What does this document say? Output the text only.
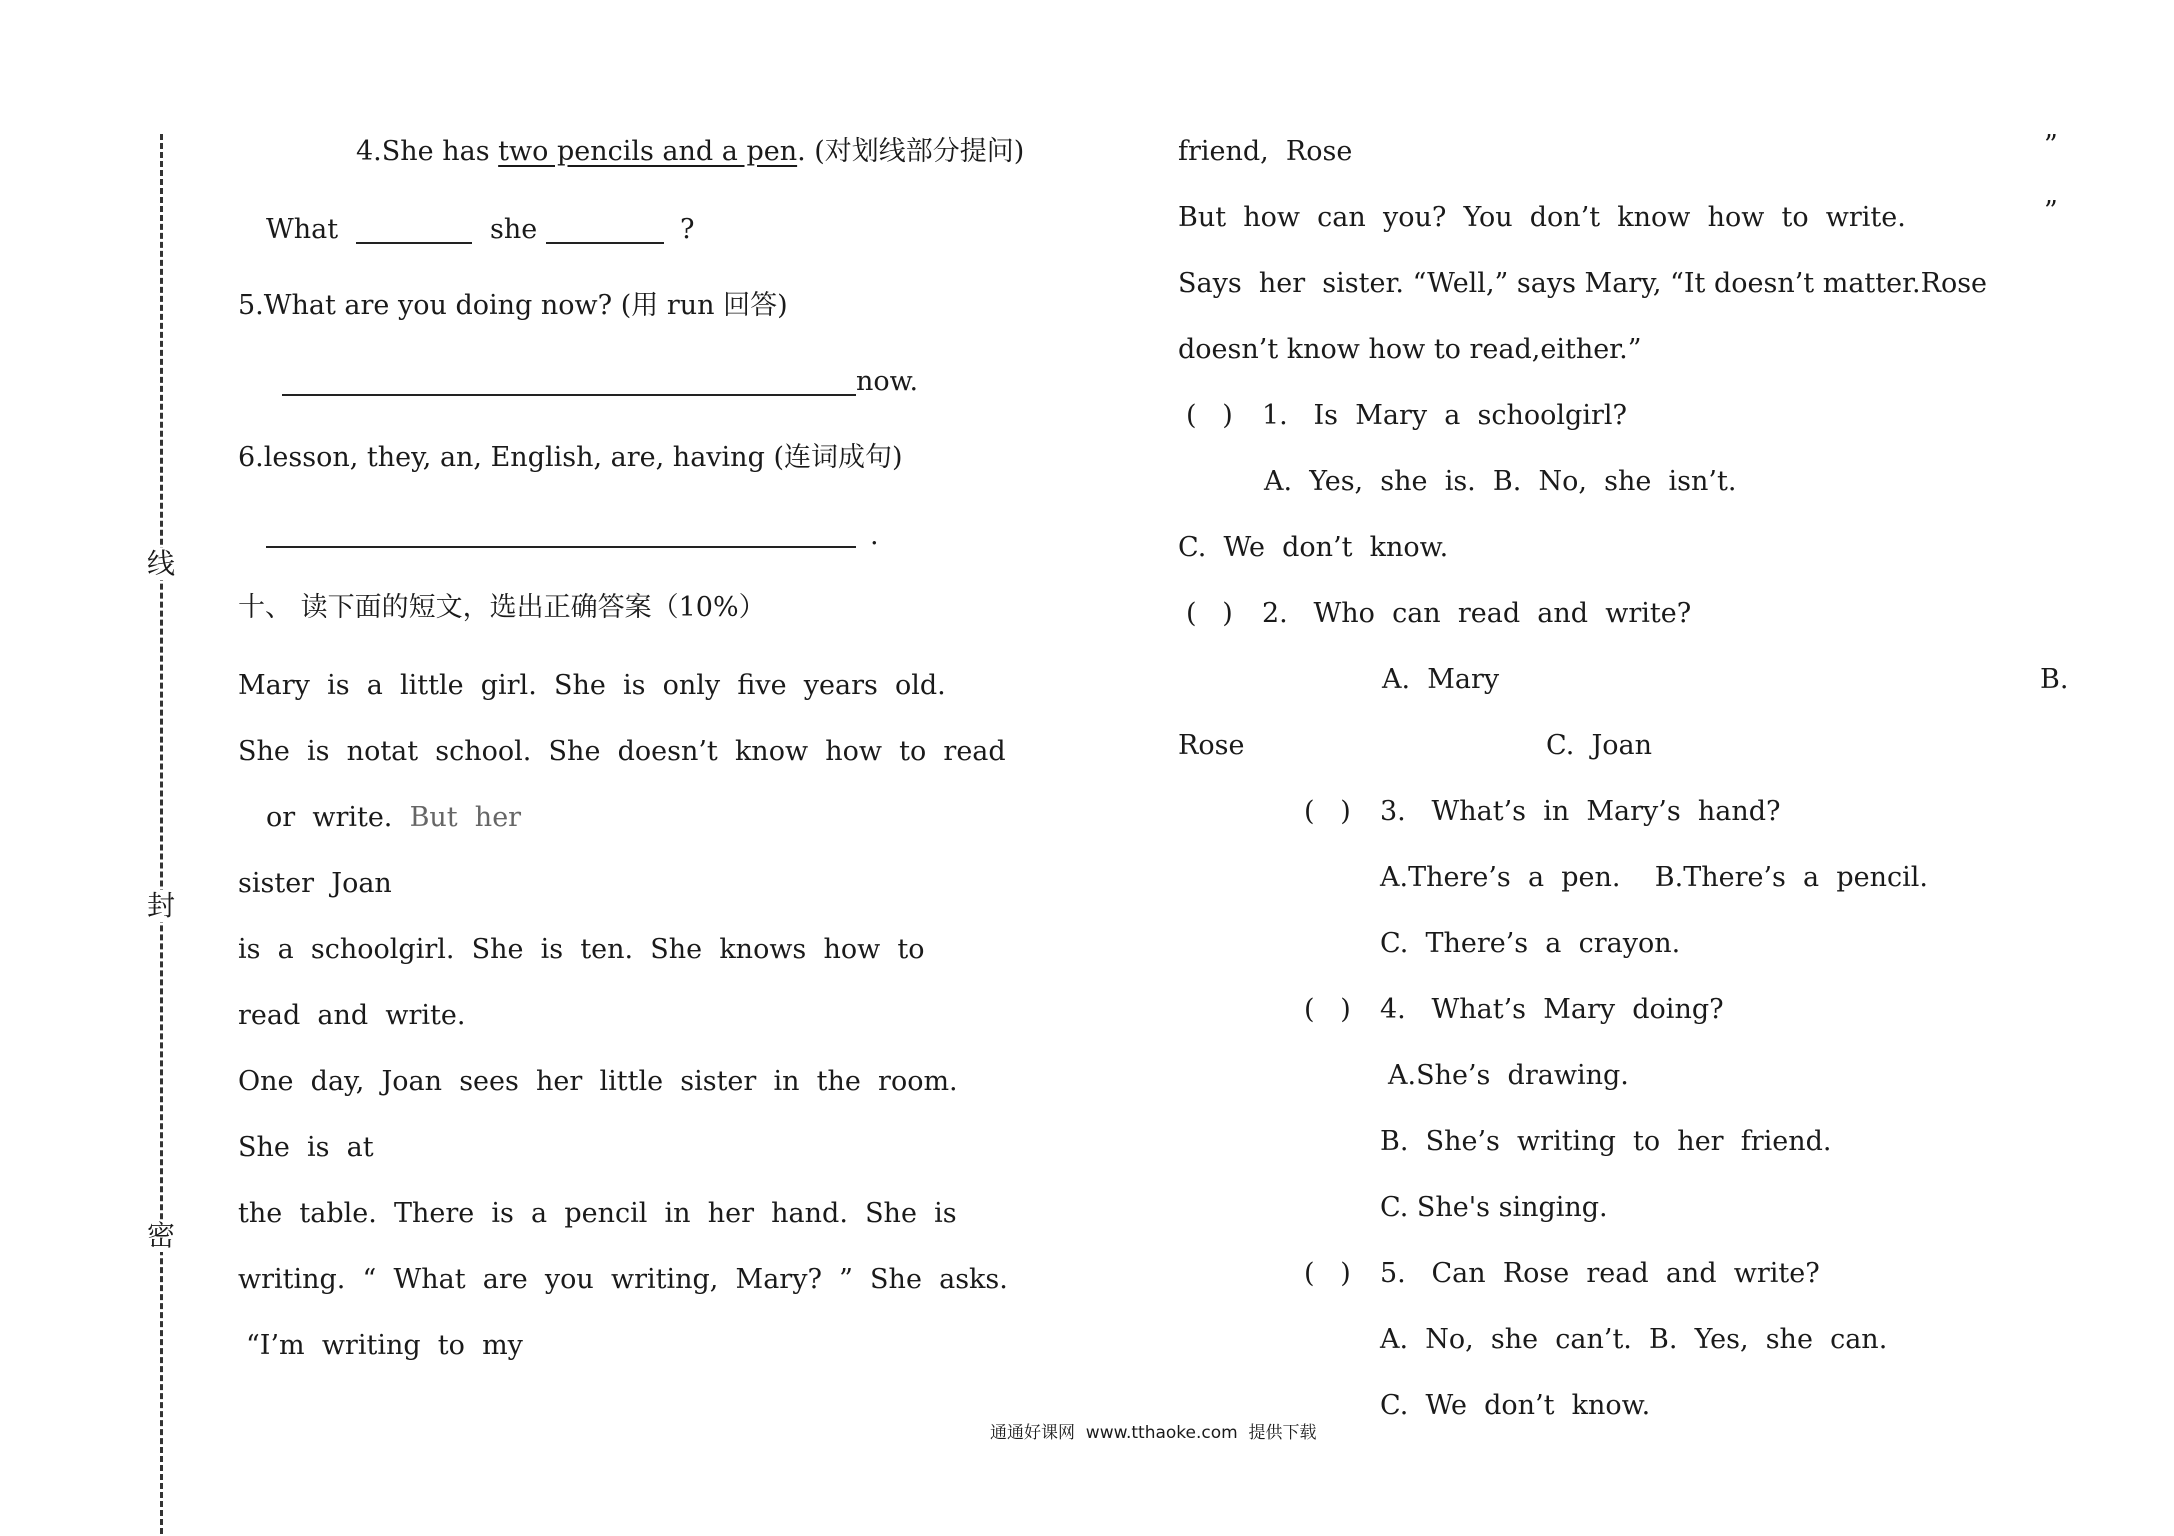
线
封
密
4.She has two pencils and a pen. (对划线部分提问)
What	she	?
5.What are you doing now? (用 run 回答)
now.
6.lesson, they, an, English, are, having (连词成句)
.
十、 读下面的短文，选出正确答案（10%）
Mary  is  a  little  girl.  She  is  only  five  years  old.
She  is  notat  school.  She  doesn’t  know  how  to  read
or  write.  But  her
sister  Joan
is  a  schoolgirl.  She  is  ten.  She  knows  how  to
read  and  write.
One  day,  Joan  sees  her  little  sister  in  the  room.
She  is  at
the  table.  There  is  a  pencil  in  her  hand.  She  is
writing.  “  What  are  you  writing,  Mary?  ”  She  asks.
“I’m  writing  to  my
friend,  Rose	”
But  how  can  you?  You  don’t  know  how  to  write.	”
Says  her  sister. “Well,” says Mary, “It doesn’t matter.Rose
doesn’t know how to read,either.”
(   ) 1.   Is  Mary  a  schoolgirl?
A.  Yes,  she  is.  B.  No,  she  isn’t.
C.  We  don’t  know.
(   ) 2.   Who  can  read  and  write?
A.  Mary	B.
Rose	C.  Joan
(   ) 3.   What’s  in  Mary’s  hand?
A.There’s  a  pen.    B.There’s  a  pencil.
C.  There’s  a  crayon.
(   ) 4.   What’s  Mary  doing?
A.She’s  drawing.
B.  She’s  writing  to  her  friend.
C. She's singing.
(   ) 5.   Can  Rose  read  and  write?
A.  No,  she  can’t.  B.  Yes,  she  can.
C.  We  don’t  know.
通通好课网  www.tthaoke.com  提供下载
